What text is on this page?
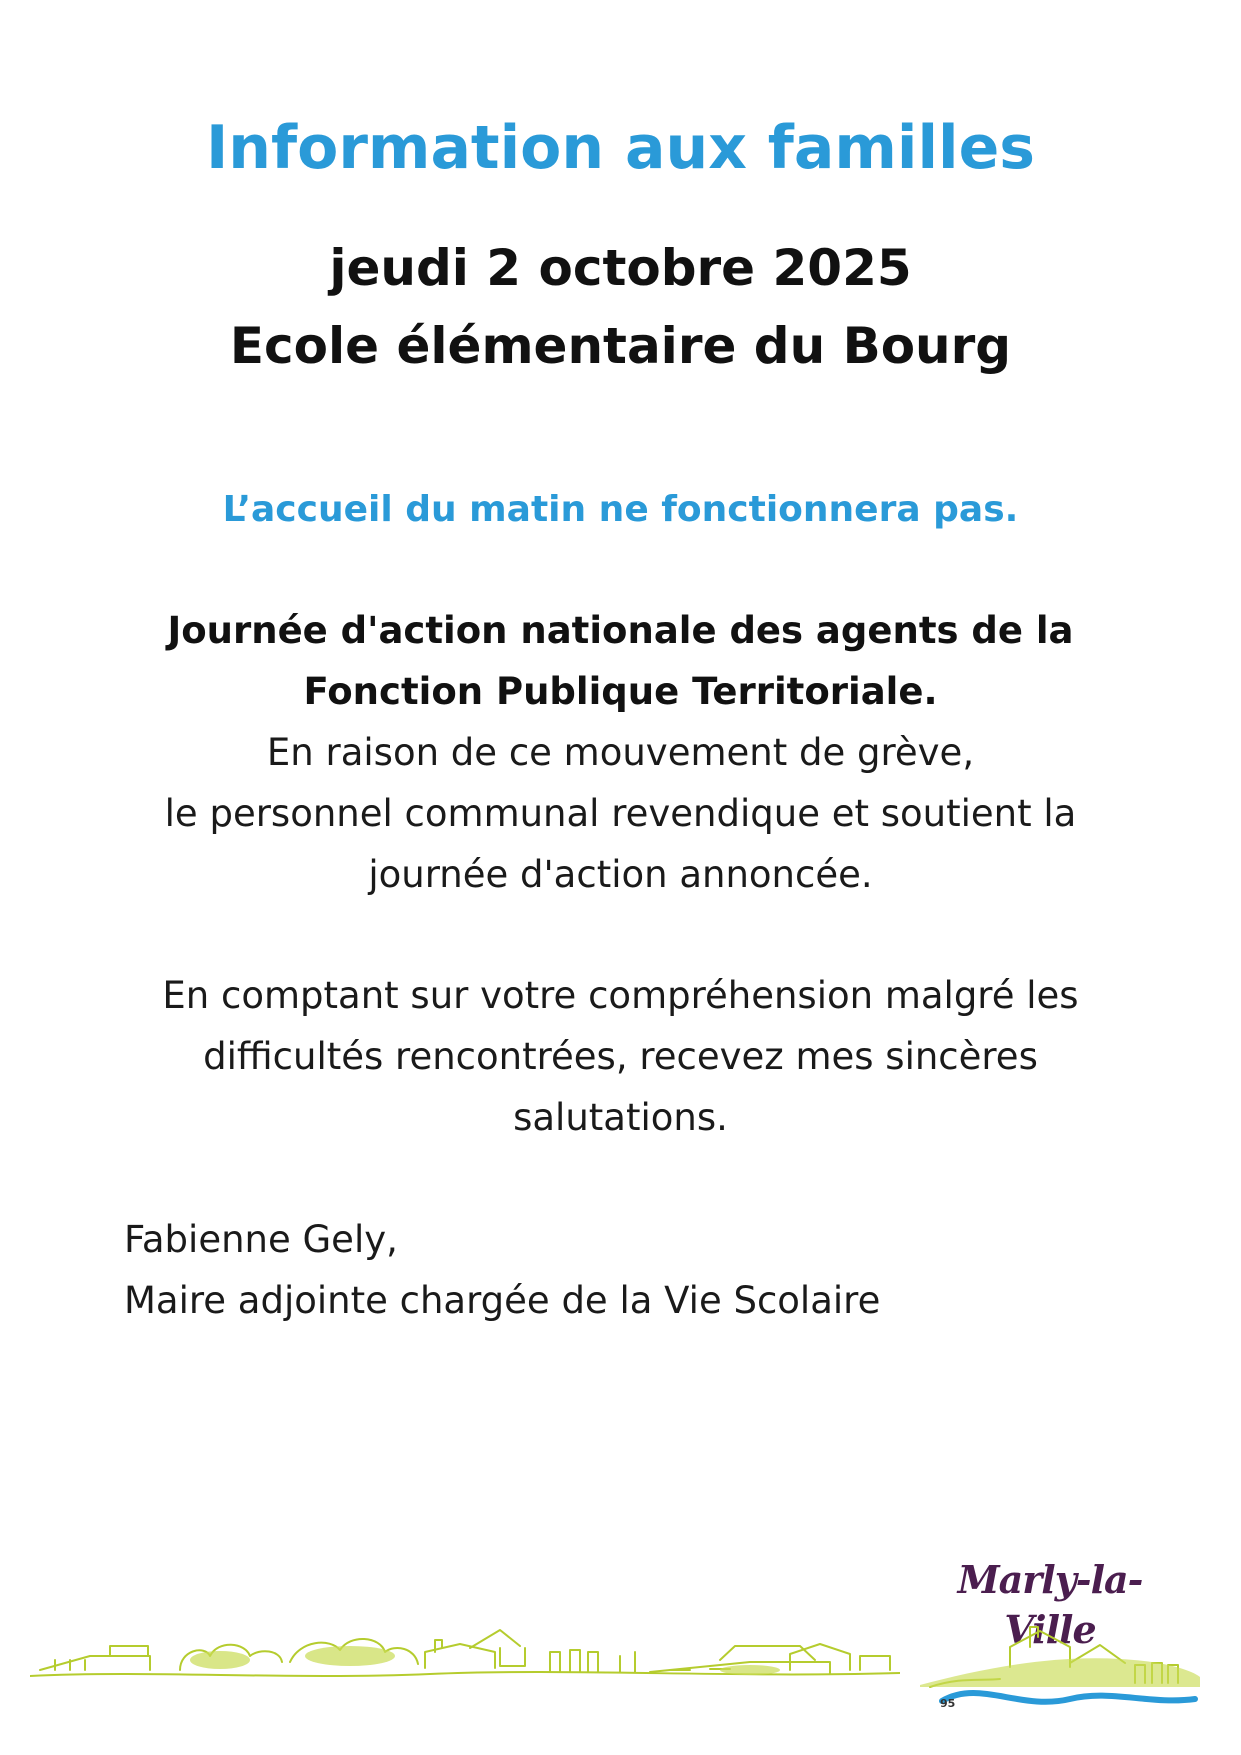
Information aux familles
jeudi 2 octobre 2025
Ecole élémentaire du Bourg

L’accueil du matin ne fonctionnera pas.

Journée d'action nationale des agents de la

Fonction Publique Territoriale.

En raison de ce mouvement de grève,

le personnel communal revendique et soutient la

journée d'action annoncée.

En comptant sur votre compréhension malgré les

difficultés rencontrées, recevez mes sincères

salutations.

Fabienne Gely,

Maire adjointe chargée de la Vie Scolaire

Marly-la-Ville
95
